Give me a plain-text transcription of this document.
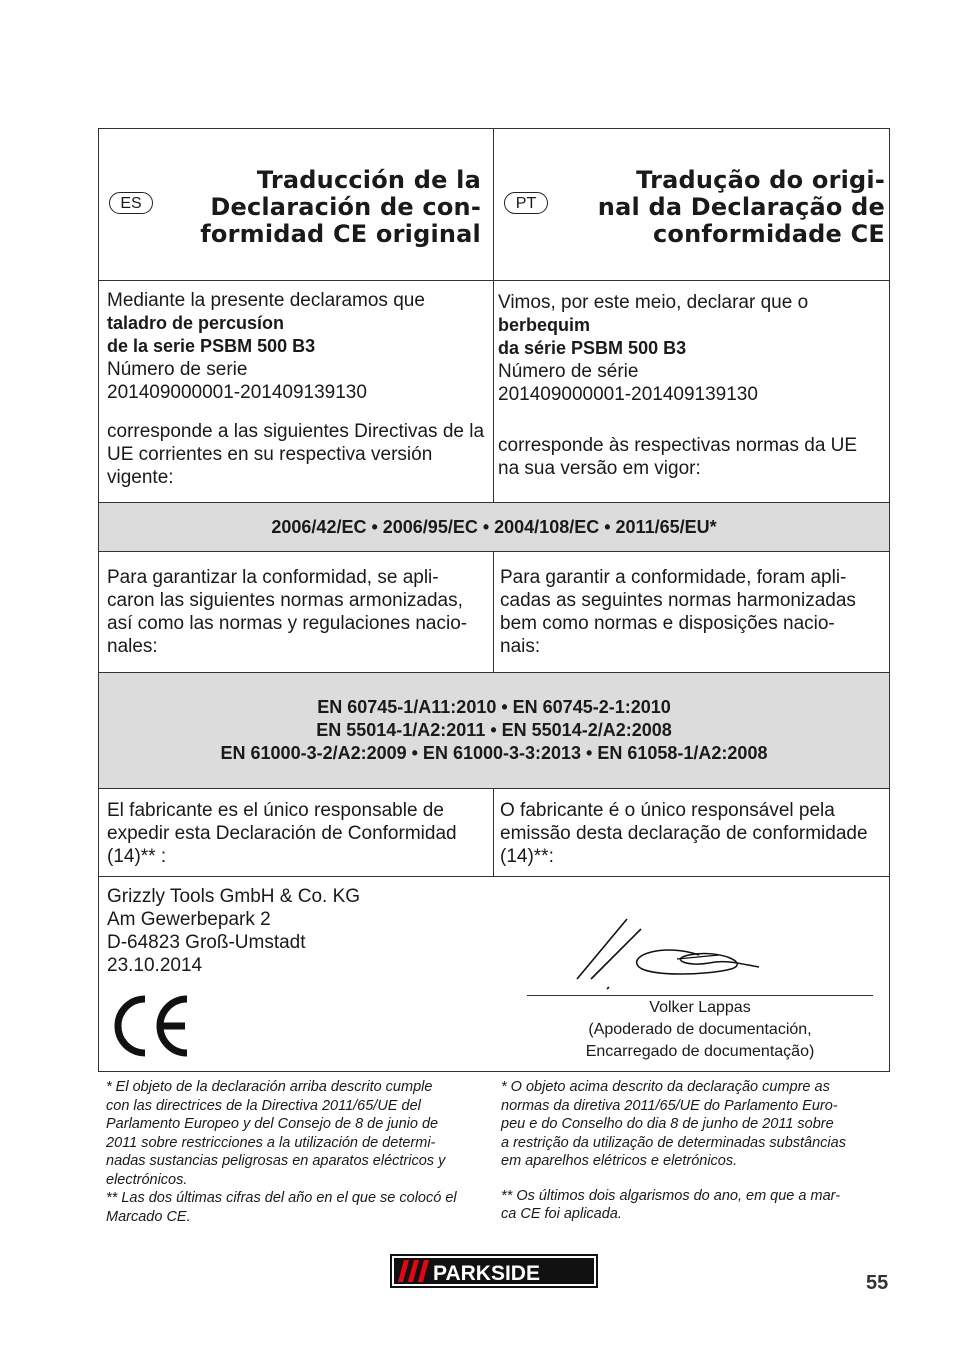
ES
Traducción de la
Declaración de con-
formidad CE original
PT
Tradução do origi-
nal da Declaração de
conformidade CE
Mediante la presente declaramos que
taladro de percusíon
de la serie PSBM 500 B3
Número de serie
201409000001-201409139130
corresponde a las siguientes Directivas de la UE corrientes en su respectiva versión vigente:
Vimos, por este meio, declarar que o
berbequim
da série PSBM 500 B3
Número de série
201409000001-201409139130
corresponde às respectivas normas da UE na sua versão em vigor:
2006/42/EC • 2006/95/EC • 2004/108/EC • 2011/65/EU*
Para garantizar la conformidad, se apli-
caron las siguientes normas armonizadas,
así como las normas y regulaciones nacio-
nales:
Para garantir a conformidade, foram apli-
cadas as seguintes normas harmonizadas
bem como normas e disposições nacio-
nais:
EN 60745-1/A11:2010 • EN 60745-2-1:2010
EN 55014-1/A2:2011 • EN 55014-2/A2:2008
EN 61000-3-2/A2:2009 • EN 61000-3-3:2013 • EN 61058-1/A2:2008
El fabricante es el único responsable de expedir esta Declaración de Conformidad (14)** :
O fabricante é o único responsável pela emissão desta declaração de conformidade (14)**:
Grizzly Tools GmbH & Co. KG
Am Gewerbepark 2
D-64823 Groß-Umstadt
23.10.2014
Volker Lappas
(Apoderado de documentación,
Encarregado de documentação)

* El objeto de la declaración arriba descrito cumple

con las directrices de la Directiva 2011/65/UE del

Parlamento Europeo y del Consejo de 8 de junio de

2011 sobre restricciones a la utilización de determi-

nadas sustancias peligrosas en aparatos eléctricos y

electrónicos.

** Las dos últimas cifras del año en el que se colocó el

Marcado CE.

* O objeto acima descrito da declaração cumpre as

normas da diretiva 2011/65/UE do Parlamento Euro-

peu e do Conselho do dia 8 de junho de 2011 sobre

a restrição da utilização de determinadas substâncias

em aparelhos elétricos e eletrónicos.

** Os últimos dois algarismos do ano, em que a mar-

ca CE foi aplicada.

PARKSIDE	55
